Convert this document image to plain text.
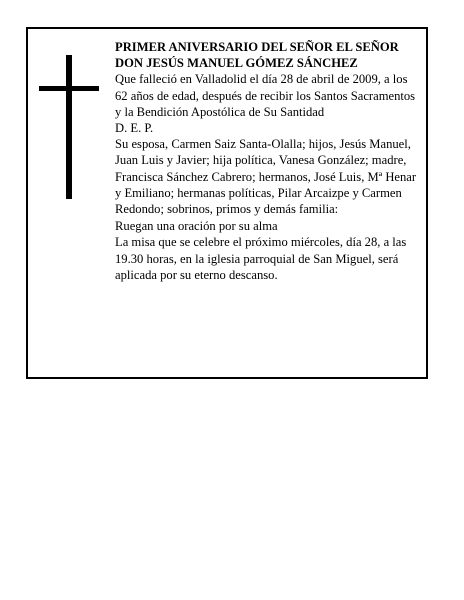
PRIMER ANIVERSARIO DEL SEÑOR EL SEÑOR

DON JESÚS MANUEL GÓMEZ SÁNCHEZ

Que falleció en Valladolid el día 28 de abril de 2009, a los 62 años de edad, después de recibir los Santos Sacramentos y la Bendición Apostólica de Su Santidad

D. E. P.

Su esposa, Carmen Saiz Santa-Olalla; hijos, Jesús Manuel, Juan Luis y Javier; hija política, Vanesa González; madre, Francisca Sánchez Cabrero; hermanos, José Luis, Mª Henar y Emiliano; hermanas políticas, Pilar Arcaizpe y Carmen Redondo; sobrinos, primos y demás familia:

Ruegan una oración por su alma

La misa que se celebre el próximo miércoles, día 28, a las 19.30 horas, en la iglesia parroquial de San Miguel, será aplicada por su eterno descanso.
